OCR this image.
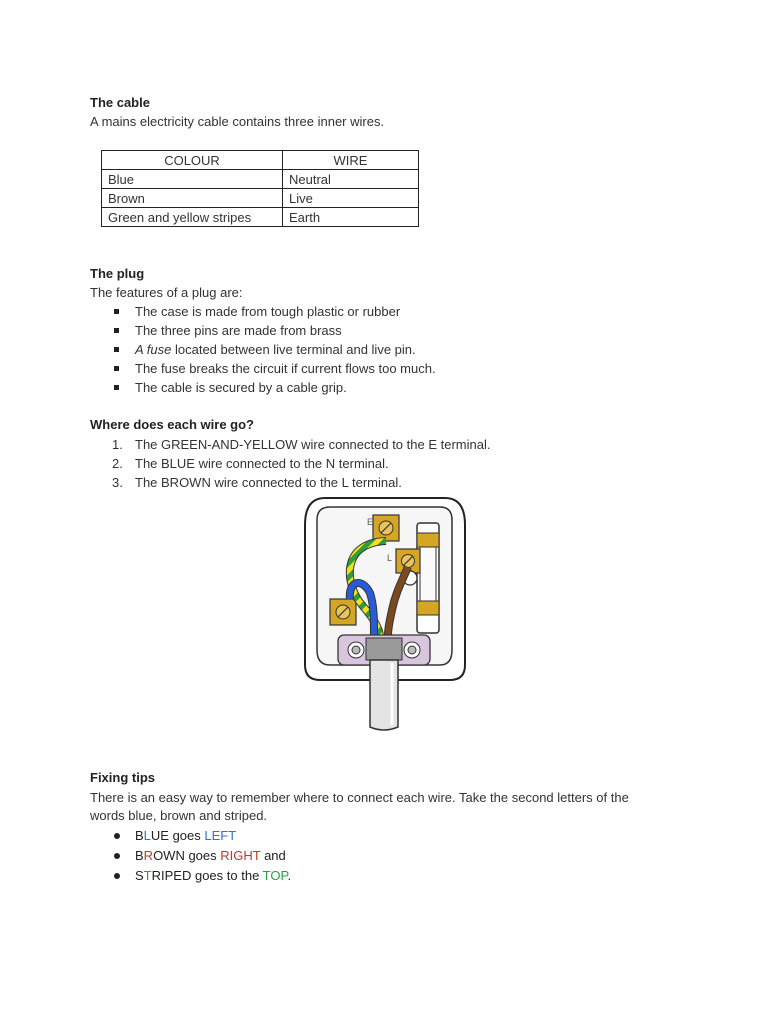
The cable
A mains electricity cable contains three inner wires.
COLOUR	WIRE
Blue	Neutral
Brown	Live
Green and yellow stripes	Earth
The plug
The features of a plug are:
The case is made from tough plastic or rubber
The three pins are made from brass
A fuse located between live terminal and live pin.
The fuse breaks the circuit if current flows too much.
The cable is secured by a cable grip.
Where does each wire go?
1. The GREEN-AND-YELLOW wire connected to the E terminal.
2. The BLUE wire connected to the N terminal.
3. The BROWN wire connected to the L terminal.
E
L
N
Fixing tips
There is an easy way to remember where to connect each wire. Take the second letters of the
words blue, brown and striped.
BLUE goes LEFT
BROWN goes RIGHT and
STRIPED goes to the TOP.
